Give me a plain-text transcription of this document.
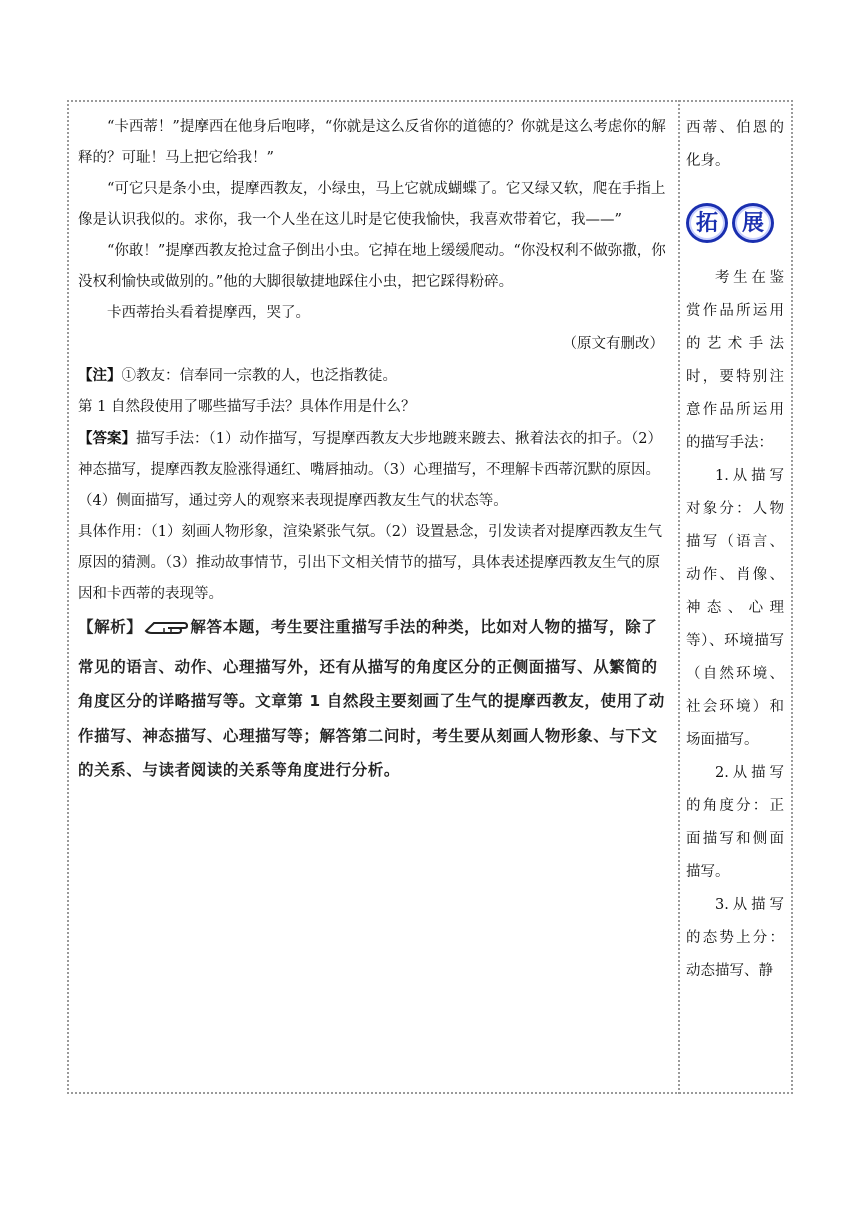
“卡西蒂！”提摩西在他身后咆哮，“你就是这么反省你的道德的？你就是这么考虑你的解释的？可耻！马上把它给我！”

“可它只是条小虫，提摩西教友，小绿虫，马上它就成蝴蝶了。它又绿又软，爬在手指上像是认识我似的。求你，我一个人坐在这儿时是它使我愉快，我喜欢带着它，我——”

“你敢！”提摩西教友抢过盒子倒出小虫。它掉在地上缓缓爬动。“你没权利不做弥撒，你没权利愉快或做别的。”他的大脚很敏捷地踩住小虫，把它踩得粉碎。

卡西蒂抬头看着提摩西，哭了。

（原文有删改）

【注】①教友：信奉同一宗教的人，也泛指教徒。

第 1 自然段使用了哪些描写手法？具体作用是什么？

【答案】描写手法：（1）动作描写，写提摩西教友大步地踱来踱去、揪着法衣的扣子。（2）神态描写，提摩西教友脸涨得通红、嘴唇抽动。（3）心理描写，不理解卡西蒂沉默的原因。（4）侧面描写，通过旁人的观察来表现提摩西教友生气的状态等。

具体作用：（1）刻画人物形象，渲染紧张气氛。（2）设置悬念，引发读者对提摩西教友生气原因的猜测。（3）推动故事情节，引出下文相关情节的描写，具体表述提摩西教友生气的原因和卡西蒂的表现等。

【解析】	解答本题，考生要注重描写手法的种类，比如对人物的描写，除了常见的语言、动作、心理描写外，还有从描写的角度区分的正侧面描写、从繁简的角度区分的详略描写等。文章第 1 自然段主要刻画了生气的提摩西教友，使用了动作描写、神态描写、心理描写等；解答第二问时，考生要从刻画人物形象、与下文的关系、与读者阅读的关系等角度进行分析。

西蒂、伯恩的化身。

拓	展

考生在鉴赏作品所运用的艺术手法时，要特别注意作品所运用的描写手法：

1.从描写对象分：人物描写（语言、动作、肖像、神态、心理等）、环境描写（自然环境、社会环境）和场面描写。

2.从描写的角度分：正面描写和侧面描写。

3.从描写的态势上分：动态描写、静
